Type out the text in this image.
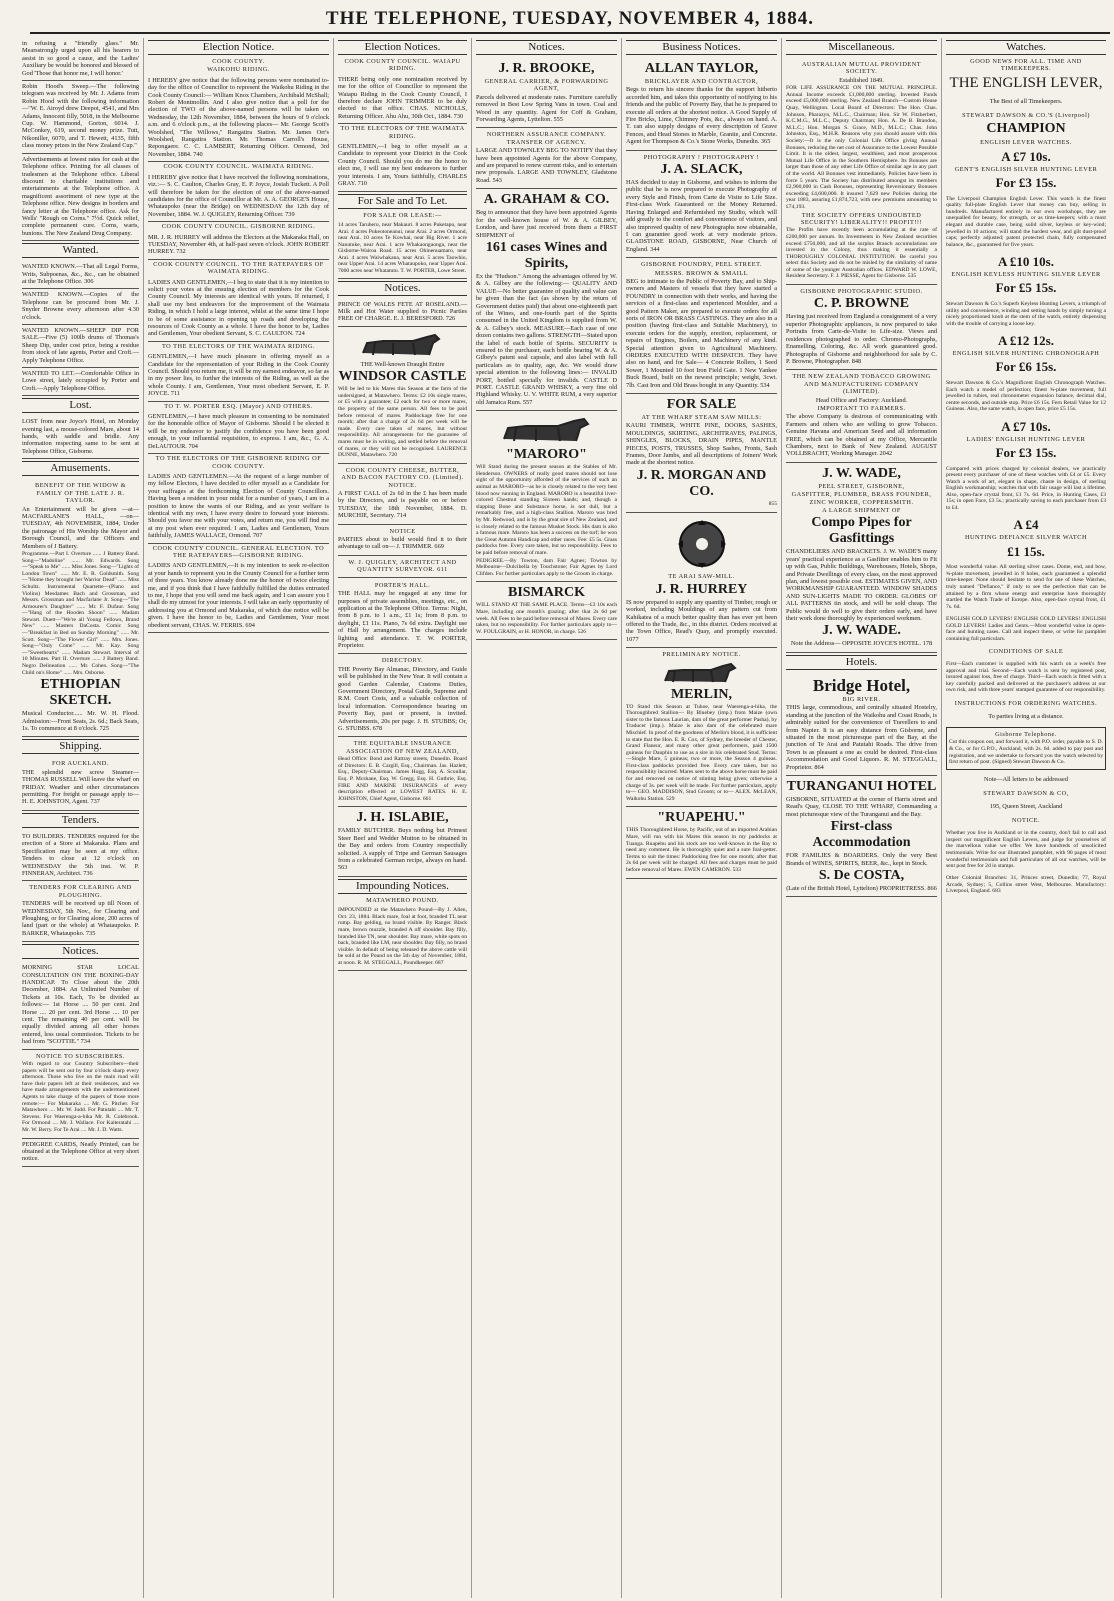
THE TELEPHONE, TUESDAY, NOVEMBER 4, 1884.
in refusing a "friendly glass." Mr. Mearsstrongly urged upon all his hearers to assist in so good a cause, and the Ladies' Auxiliary be would be honored and blessed of God 'Those that honor me, I will honor.'
Robin Hood's Sweep.—The following telegram was received by Mr. J. Adams from Robin Hood with the following information—"W. E. Airoyd drew Deepot, 4541, and Mrs Adams, Innocent filly, 5018, in the Melbourne Cup. W. Hammond, Gorton, 6014. J. McConkey, 619, second money prize. Tutt, Nikoniller, 6070, and T. Hewett, 4135, fifth class money prizes in the New Zealand Cup."
Advertisements at lowest rates for cash at the Telephone office. Printing for all classes of tradesmen at the Telephone office. Liberal discount to charitable institutions and entertainments at the Telephone office. A magnificent assortment of new type at the Telephone office. New designs in borders and fancy letter at the Telephone office. Ask for Wells' "Rough on Corns." 7½d. Quick relief, complete permanent cure. Corns, warts, bunions. The New Zealand Drug Company.
Wanted.
WANTED KNOWN.—That all Legal Forms, Writs, Subpoenas, &c., &c., can be obtained at the Telephone Office. 306
WANTED KNOWN.—Copies of the Telephone can be procured from Mr. J. Snyder Browne every afternoon after 4.30 o'clock.
WANTED KNOWN.—SHEEP DIP FOR SALE.—Five (5) 100lb drums of Thomas's Sheep Dip, under cost price, being a residue from stock of late agents, Porter and Croft.—Apply Telephone Office.
WANTED TO LET.—Comfortable Office in Lowe street, lately occupied by Porter and Croft.—Apply Telephone Office.
Lost.
LOST from near Joyce's Hotel, on Monday evening last, a mouse-colored Mare, about 14 hands, with saddle and bridle. Any information respecting same to be sent at Telephone Office, Gisborne.
Amusements.

BENEFIT OF THE WIDOW & FAMILY OF THE LATE J. R. TAYLOR.

An Entertainment will be given —at— MACFARLANE'S HALL, —on— TUESDAY, 4th NOVEMBER, 1884, Under the patronage of His Worship the Mayor and Borough Council, and the Officers and Members of J Battery.

Programme.—Part I. Overture ...... J Battery Band. Song—"Madoline" ...... Mr. Edwards. Song—"Speak to Me" ...... Miss Jones. Song—"Lights of London Town" ...... Mr. E. R. Goldsmith. Song—"Home they brought her Warrior Dead" ...... Miss Schultz. Instrumental Quartette—(Piano and Violins) Mesdames Bach and Grossman, and Messrs. Grossman and Macfarlane Jr. Song—"The Armourer's Daughter" ...... Mr. F. Dufaur. Song—"Hang of the Hooden Shoon" ...... Madam Stewart. Duett—"We're all Young Fellows, Brand New" ...... Masters DaCosta. Comic Song—"Breakfast in Bed on Sunday Morning" ...... Mr. Scott. Song—"The Flower Girl" ...... Mrs. Jones. Song—"Only Come" ...... Mr. Kay. Song—"Sweethearts" ...... Madam Stewart. Interval of 10 Minutes. Part II. Overture ...... J Battery Band. Negro Delineation ...... Mr. Cohen. Song—"The Child on's Home" ...... Mrs. Osborne.

ETHIOPIAN SKETCH.

Musical Conductor...... Mr. W. H. Flood. Admission:—Front Seats, 2s. 6d.; Back Seats, 1s. To commence at 8 o'clock. 725

Shipping.

FOR AUCKLAND.

THE splendid new screw Steamer— THOMAS RUSSELL Will leave the wharf on FRIDAY. Weather and other circumstances permitting. For freight or passage apply to— H. E. JOHNSTON, Agent. 737

Tenders.
TO BUILDERS. TENDERS required for the erection of a Store at Makaraka. Plans and Specification may be seen at my office. Tenders to close at 12 o'clock on WEDNESDAY the 5th inst. W. P. FINNERAN, Architect. 736

TENDERS FOR CLEARING AND PLOUGHING.

TENDERS will be received up till Noon of WEDNESDAY, 5th Nov., for Clearing and Ploughing, or for Clearing alone, 200 acres of land (part or the whole) at Whataupoko. P. BARKER, Whataupoko. 735

Notices.
MORNING STAR LOCAL CONSULTATION ON THE BOXING-DAY HANDICAP. To Close about the 20th December, 1884. An Unlimited Number of Tickets at 10s. Each, To be divided as follows:— 1st Horse .... 50 per cent. 2nd Horse .... 20 per cent. 3rd Horse .... 10 per cent. The remaining 40 per cent. will be equally divided among all other horses entered, less usual commission. Tickets to be had from "SCOTTIE." 734

NOTICE TO SUBSCRIBERS.

With regard to our Country Subscribers—their papers will be sent out by four o'clock sharp every afternoon. Those who live on the main road will have their papers left at their residences, and we have made arrangements with the undermentioned Agents to take charge of the papers of those more remote:— For Makaraka .... Mr. G. Pitcher. For Matawhero .... Mr. W. Judd. For Patutahi .... Mr. T. Stevens. For Waerenga-a-hika Mr. R. Colebrook. For Ormond .... Mr. J. Wallace. For Kaiteratahi .... Mr. W. Berry. For Te Arai .... Mr. J. D. Watts.

PEDIGREE CARDS, Neatly Printed, can be obtained at the Telephone Office at very short notice.
Election Notice.

COOK COUNTY.

WAIKOHU RIDING.

I HEREBY give notice that the following persons were nominated to-day for the office of Councillor to represent the Waikohu Riding in the Cook County Council:— William Knox Chambers, Archibald McShall; Robert de Montmollin. And I also give notice that a poll for the election of TWO of the above-named persons will be taken on Wednesday, the 12th November, 1884, between the hours of 9 o'clock a.m. and 6 o'clock p.m., at the following places— Mr. George Scott's Woolshed, "The Willows," Rangatira Station. Mr. James Orr's Woolshed, Rangatira Station. Mr. Thomas Carroll's House, Repongaere. C. C. LAMBERT, Returning Officer. Ormond, 3rd November, 1884. 740

COOK COUNTY COUNCIL. WAIMATA RIDING.

I HEREBY give notice that I have received the following nominations, viz.:— S. C. Caulton, Charles Gray, E. P. Joyce, Josiah Tuckett. A Poll will therefore be taken for the election of one of the above-named candidates for the office of Councillor at Mr. A. A. GEORGE'S House, Whataupoko (near the Bridge) on WEDNESDAY the 12th day of November, 1884. W. J. QUIGLEY, Returning Officer. 739

COOK COUNTY COUNCIL. GISBORNE RIDING.

MR. J. R. HURREY will address the Electors at the Makaraka Hall, on TUESDAY, November 4th, at half-past seven o'clock. JOHN ROBERT HURREY. 732

COOK COUNTY COUNCIL. TO THE RATEPAYERS OF WAIMATA RIDING.

LADIES AND GENTLEMEN,—I beg to state that it is my intention to solicit your votes at the ensuing election of members for the Cook County Council. My interests are identical with yours. If returned, I shall use my best endeavors for the improvement of the Waimata Riding, in which I hold a large interest, whilst at the same time I hope to be of some assistance in opening up roads and developing the resources of Cook County as a whole. I have the honor to be, Ladies and Gentlemen, Your obedient Servant, S. C. CAULTON. 724

TO THE ELECTORS OF THE WAIMATA RIDING.

GENTLEMEN,—I have much pleasure in offering myself as a Candidate for the representation of your Riding in the Cook County Council. Should you return me, it will be my earnest endeavor, so far as in my power lies, to further the interests of the Riding, as well as the whole County. I am, Gentlemen, Your most obedient Servant, E. P. JOYCE. 711

TO T. W. PORTER ESQ. (Mayor) AND OTHERS.

GENTLEMEN,—I have much pleasure in consenting to be nominated for the honorable office of Mayor of Gisborne. Should I be elected it will be my endeavor to justify the confidence you have been good enough, in your influential requisition, to express. I am, &c., G. A. DeLAUTOUR. 704

TO THE ELECTORS OF THE GISBORNE RIDING OF COOK COUNTY.

LADIES AND GENTLEMEN.—At the request of a large number of my fellow Electors, I have decided to offer myself as a Candidate for your suffrages at the forthcoming Election of County Councillors. Having been a resident in your midst for a number of years, I am in a position to know the wants of our Riding, and as your welfare is identical with my own, I have every desire to forward your interests. Should you favor me with your votes, and return me, you will find me at my post when ever required. I am, Ladies and Gentlemen, Yours faithfully, JAMES WALLACE, Ormond. 707

COOK COUNTY COUNCIL. GENERAL ELECTION. TO THE RATEPAYERS—GISBORNE RIDING.

LADIES AND GENTLEMEN,—It is my intention to seek re-election at your hands to represent you in the County Council for a further term of three years. You know already done me the honor of twice electing me, and if you think that I have faithfully fulfilled the duties entrusted to me, I hope that you will send me back again, and I can assure you I shall do my utmost for your interests. I will take an early opportunity of addressing you at Ormond and Makaraka, of which due notice will be given. I have the honor to be, Ladies and Gentlemen, Your most obedient servant, CHAS. W. FERRIS. 694
Election Notices.

COOK COUNTY COUNCIL. WAIAPU RIDING.

THERE being only one nomination received by me for the office of Councillor to represent the Waiapu Riding in the Cook County Council, I therefore declare JOHN TRIMMER to be duly elected to that office. CHAS. NICHOLLS, Returning Officer. Ahu Ahu, 30th Oct., 1884. 730

TO THE ELECTORS OF THE WAIMATA RIDING.

GENTLEMEN,—I beg to offer myself as a Candidate to represent your District in the Cook County Council. Should you do me the honor to elect me, I will use my best endeavors to further your interests. I am, Yours faithfully, CHARLES GRAY. 710
For Sale and To Let.

FOR SALE OR LEASE:—

14 acres Taruheru, near Makauri. 8 acres Puketapu, near Arai. 4 acres Pukeotoneanui, near Arai. 2 acres Ormond, near Arai. 10 acres Te Kowhai, near Big River. 1 acre Nanutuke, near Arai. 1 acre Whakaongaonga, near the Gisborne-Wairoa Road. 15 acres Ohinenuamaro, near Arai. 4 acres Waiwhakana, near Arai. 5 acres Taowhio, near Upper Arai. 14 acres Whataupoko, near Upper Arai. 7000 acres near Whatatutu. T. W. PORTER, Lowe Street.
Notices.
PRINCE OF WALES FETE AT ROSELAND.—Milk and Hot Water supplied to Picnic Parties FREE OF CHARGE. E. J. BERESFORD. 726

THE Well-known Draught Entire

WINDSOR CASTLE

Will be led to his Mares this Season at the farm of the undersigned, at Matawhero. Terms: £2 10s single mares, or £5 with a guarantee; £2 each for two or more mares, the property of the same person. All fees to be paid before removal of mares. Paddockage free for one month; after that a charge of 2s 6d per week will be made. Every care taken of mares, but without responsibility. All arrangements for the guarantee of mares must be in writing, and settled before the removal of mares, or they will not be recognised. LAURENCE DUNNE, Matawhero. 720

COOK COUNTY CHEESE, BUTTER, AND BACON FACTORY CO. (Limited). NOTICE.

A FIRST CALL of 2s 6d in the £ has been made by the Directors, and is payable on or before TUESDAY, the 18th November, 1884. D. MURCHIE, Secretary. 714

NOTICE

PARTIES about to build would find it to their advantage to call on— J. TRIMMER. 669

W. J. QUIGLEY, ARCHITECT AND QUANTITY SURVEYOR. 611

PORTER'S HALL.

THE HALL may be engaged at any time for purposes of private assemblies, meetings, etc., on application at the Telephone Office. Terms: Night, from 8 p.m. to 1 a.m., £1 1s; from 8 p.m. to daylight, £1 11s. Piano, 7s 6d extra. Daylight use of Hall by arrangement. The charges include lighting and attendance. T. W. PORTER, Proprietor.

DIRECTORY.

THE Poverty Bay Almanac, Directory, and Guide will be published in the New Year. It will contain a good Garden Calendar, Customs Duties, Government Directory, Postal Guide, Supreme and R.M. Court Costs, and a valuable collection of local information. Correspondence bearing on Poverty Bay, past or present, is invited. Advertisements, 20s per page. J. H. STUBBS; Or, G. STUBBS. 678

THE EQUITABLE INSURANCE ASSOCIATION OF NEW ZEALAND,

Head Office: Bond and Rattray streets, Dunedin. Board of Directors: E. B. Cargill, Esq., Chairman. Jas. Hazlett, Esq., Deputy-Chairman. James Hogg, Esq. A. Scoullar, Esq. P. Mcshane, Esq. W. Gregg, Esq. H. Guthrie, Esq. FIRE AND MARINE INSURANCES of every description effected at LOWEST RATES. H. E. JOHNSTON, Chief Agent, Gisborne. 661

J. H. ISLABIE,

FAMILY BUTCHER. Buys nothing but Primest Steer Beef and Wedder Mutton to be obtained in the Bay and orders from Country respectfully solicited. A supply of Tripe and German Sausages from a celebrated German recipe, always on hand. 563

Impounding Notices.

MATAWHERO POUND.

IMPOUNDED at the Matawhero Pound—By J. Allen, Oct. 23, 1884. Black mare, foal at foot, branded TL near rump. Bay gelding, no brand visible. By Ranger. Black mare, brown muzzle, branded A off shoulder. Bay filly, branded like TN, near shoulder. Bay mare, white spots on back, branded like LM, near shoulder. Bay filly, no brand visible. In default of being released the above cattle will be sold at the Pound on the 5th day of November, 1884, at noon. R. M. STEGGALL, Poundkeeper. 687
Notices.

J. R. BROOKE,

GENERAL CARRIER, & FORWARDING AGENT,

Parcels delivered at moderate rates. Furniture carefully removed in Best Low Spring Vans in town. Coal and Wood in any quantity. Agent for Coff & Graham, Forwarding Agents, Lyttelton. 555

NORTHERN ASSURANCE COMPANY. TRANSFER OF AGENCY.

LARGE AND TOWNLEY BEG TO NOTIFY that they have been appointed Agents for the above Company, and are prepared to renew current risks, and to entertain new proposals. LARGE AND TOWNLEY, Gladstone Road. 543

A. GRAHAM & CO.

Beg to announce that they have been appointed Agents for the well-known house of W. & A. GILBEY, London, and have just received from them a FIRST SHIPMENT of

161 cases Wines and Spirits,

Ex the "Hudson." Among the advantages offered by W. & A. Gilbey are the following:— QUALITY AND VALUE—No better guarantee of quality and value can be given than the fact (as shown by the return of Government duties paid) that about one-eighteenth part of the Wines, and one-fourth part of the Spirits consumed in the United Kingdom is supplied from W. & A. Gilbey's stock. MEASURE—Each case of one dozen contains two gallons. STRENGTH—Stated upon the label of each bottle of Spirits. SECURITY is ensured to the purchaser, each bottle bearing W. & A. Gilbey's patent seal capsule, and also label with full particulars as to quality, age, &c. We would draw special attention to the following lines:— INVALID PORT, bottled specially for invalids. CASTLE D PORT. CASTLE GRAND WHISKY, a very fine old Highland Whisky. U. V. WHITE RUM, a very superior old Jamaica Rum. 557

"MARORO"

Will Stand during the present season at the Stables of Mr. Henderson. OWNERS of really good mares should not lose sight of the opportunity afforded of the services of such an animal as MARORO—as he is closely related to the very best blood now running in England. MARORO is a beautiful liver-colored Chestnut standing Sixteen hands; and, though a slapping Bone and Substance horse, is not dull, but a remarkably free, and a high-class Stallion. Maroro was bred by Mr. Redwood, and is by the great sire of New Zealand, and is closely related to the famous Musket Stock. His dam is also a famous mare. Maroro has been a success on the turf; he won the Great Autumn Handicap and other races. Fee: £5 5s. Grass paddocks free. Every care taken, but no responsibility. Fees to be paid before removal of mare.

PEDIGREE.—By Towton, dam Fair Agnes; Towton by Melbourne—Dulcibella by Touchstone; Fair Agnes by Lord Clifden. For further particulars apply to the Groom in charge.

BISMARCK

WILL STAND AT THE SAME PLACE. Terms—£3 10s each Mare, including one month's grazing; after that 2s 6d per week. All Fees to be paid before removal of Mares. Every care taken, but no responsibility. For further particulars apply to— W. FOULGRAIN, or H. HONOR, in charge. 526

Business Notices.

ALLAN TAYLOR,

BRICKLAYER AND CONTRACTOR,

Begs to return his sincere thanks for the support hitherto accorded him, and takes this opportunity of notifying to his friends and the public of Poverty Bay, that he is prepared to execute all orders at the shortest notice. A Good Supply of Fire Bricks, Lime, Chimney Pots, &c., always on hand. A. T. can also supply designs of every description of Grave Fences, and Head Stones in Marble, Granite, and Concrete. Agent for Thompson & Co.'s Stone Works, Dunedin. 365

PHOTOGRAPHY ! PHOTOGRAPHY !

J. A. SLACK,

HAS decided to stay in Gisborne, and wishes to inform the public that he is now prepared to execute Photography of every Style and Finish, from Carte de Visite to Life Size. First-class Work Guaranteed or the Money Returned. Having Enlarged and Refurnished my Studio, which will add greatly to the comfort and convenience of visitors, and also improved quality of new Photographs now obtainable, I can guarantee good work at very moderate prices. GLADSTONE ROAD, GISBORNE, Near Church of England. 344

GISBORNE FOUNDRY, PEEL STREET.

MESSRS. BROWN & SMAILL

BEG to intimate to the Public of Poverty Bay, and to Ship-owners and Masters of vessels that they have started a FOUNDRY in connection with their works, and having the services of a first-class and experienced Moulder, and a good Pattern Maker, are prepared to execute orders for all sorts of IRON OR BRASS CASTINGS. They are also in a position (having first-class and Suitable Machinery), to execute orders for the supply, erection, replacement, or repairs of Engines, Boilers, and Machinery of any kind. Special attention given to Agricultural Machinery. ORDERS EXECUTED WITH DESPATCH. They have also on hand, and for Sale— 4 Concrete Rollers, 1 Seed Sower, 1 Mounted 10 foot Iron Field Gate. 1 New Yankee Buck Board, built on the newest principle; weight, 3cwt. 7lb. Cast Iron and Old Brass bought in any Quantity. 534

FOR SALE

AT THE WHARF STEAM SAW MILLS:

KAURI TIMBER, WHITE PINE, DOORS, SASHES, MOULDINGS, SKIRTING, ARCHITRAVES, PALINGS, SHINGLES, BLOCKS, DRAIN PIPES, MANTLE PIECES, POSTS, TRUSSES, Shop Sashes, Fronts, Sash Frames, Door Jambs, and all descriptions of Joiners' Work made at the shortest notice.

J. R. MORGAN AND CO.

855

TE ARAI SAW-MILL.

J. R. HURREY

IS now prepared to supply any quantity of Timber, rough or worked, including Mouldings of any pattern cut from Kahikatea of a much better quality than has ever yet been offered to the Trade, &c., in this district. Orders received at the Town Office, Read's Quay, and promptly executed. 1077

PRELIMINARY NOTICE.

MERLIN,

TO Stand this Season at Tuhoe, near Waerenga-a-hika, the Thoroughbred Stallion— By Bluebey (imp.) from Maize (own sister to the famous Laurian, dam of the great performer Pasha), by Traducer (imp.). Maize is also dam of the celebrated mare Mischief. In proof of the goodness of Merlin's blood, it is sufficient to state that the Hon. E. R. Cox, of Sydney, the breeder of Chester, Grand Flaneur, and many other great performers, paid 1500 guineas for Dauphin to use as a sire in his celebrated Stud. Terms:—Single Mare, 5 guineas; two or more, the Season 4 guineas. First-class paddocks provided free. Every care taken, but no responsibility incurred. Mares sent to the above horse must be paid for and removed on notice of stinting being given; otherwise a charge of 3s. per week will be made. For further particulars, apply to— GEO. MADDISON, Stud Groom; or to— ALEX. McLEAN, Waikohu Station. 529

"RUAPEHU."

THIS Thoroughbred Horse, by Pacific, out of an imported Arabian Mare, will run with his Mares this season in my paddocks at Tuanga. Ruapehu and his stock are too well-known in the Bay to need any comment. He is thoroughly quiet and a sure foal-getter. Terms to suit the times: Paddocking free for one month; after that 2s 6d per week will be charged. All fees and charges must be paid before removal of Mares. EWEN CAMERON. 533

Miscellaneous.

AUSTRALIAN MUTUAL PROVIDENT SOCIETY.

Established 1849.

FOR LIFE ASSURANCE ON THE MUTUAL PRINCIPLE. Annual Income exceeds £1,000,000 sterling. Invested Funds exceed £5,000,000 sterling. New Zealand Branch—Custom House Quay, Wellington. Local Board of Directors: The Hon. Chas. Johnson, Pharazyn, M.L.C., Chairman; Hon. Sir W. Fitzherbert, K.C.M.G., M.L.C., Deputy Chairman; Hon. A. De B. Brandon, M.L.C.; Hon. Morgan S. Grace, M.D., M.L.C.; Chas. John Johnston, Esq., M.H.R. Reasons why you should assure with this Society:—It is the only Colonial Life Office giving Annual Bonuses, reducing the net cost of Assurance to the Lowest Possible Limit. It is the oldest, largest, wealthiest, and most prosperous Mutual Life Office in the Southern Hemisphere. Its Bonuses are larger than those of any other Life Office of similar age in any part of the world. All Bonuses vest immediately. Policies have been in force 5 years. The Society has distributed amongst its members £2,900,000 in Cash Bonuses, representing Reversionary Bonuses exceeding £4,600,000. It insured 7,629 new Policies during the year 1883, assuring £1,874,723, with new premiums amounting to £74,193.

THE SOCIETY OFFERS UNDOUBTED SECURITY! LIBERALITY!! PROFIT!!!

The Profits have recently been accumulating at the rate of £200,000 per annum. Its Investments in New Zealand securities exceed £750,000, and all the surplus Branch accumulations are invested in the Colony, thus making it essentially a THOROUGHLY COLONIAL INSTITUTION. Be careful you select this Society and do not be misled by the similarity of name of some of the younger Australian offices. EDWARD W. LOWE, Resident Secretary. F. J. PIESSE, Agent for Gisborne. 535

GISBORNE PHOTOGRAPHIC STUDIO.

C. P. BROWNE

Having just received from England a consignment of a very superior Photographic appliances, is now prepared to take Portraits from Carte-de-Visite to Life-size. Views and residences photographed to order. Chromo-Photographs, Enamelling, Coloring, &c. All work guaranteed good. Photographs of Gisborne and neighborhood for sale by C. P. Browne, Photographer. 848

THE NEW ZEALAND TOBACCO GROWING AND MANUFACTURING COMPANY (LIMITED).

Head Office and Factory: Auckland.

IMPORTANT TO FARMERS.

The above Company is desirous of communicating with Farmers and others who are willing to grow Tobacco. Genuine Havana and American Seed and all information FREE, which can be obtained at my Office, Mercantile Chambers, next to Bank of New Zealand. AUGUST VOLLBRACHT, Working Manager. 2042

J. W. WADE,

PEEL STREET, GISBORNE,

GASFITTER, PLUMBER, BRASS FOUNDER, ZINC WORKER, COPPERSMITH.

A LARGE SHIPMENT OF

Compo Pipes for Gasfittings

CHANDELIERS AND BRACKETS. J. W. WADE'S many years' practical experience as a Gasfitter enables him to Fit up with Gas, Public Buildings, Warehouses, Hotels, Shops, and Private Dwellings of every class, on the most approved plan, and lowest possible cost. ESTIMATES GIVEN, AND WORKMANSHIP GUARANTEED. WINDOW SHADES AND SUN-LIGHTS MADE TO ORDER. GLOBES OF ALL PATTERNS tin stock, and will be sold cheap. The Public would do well to give their orders early, and have their work done thoroughly by experienced workmen.

J. W. WADE.

Note the Address— OPPOSITE JOYCE'S HOTEL. 178

Hotels.

Bridge Hotel,

BIG RIVER.

THIS large, commodious, and centrally situated Hostelry, standing at the junction of the Waikohu and Coast Roads, is admirably suited for the convenience of Travellers to and from Napier. It is an easy distance from Gisborne, and situated in the most picturesque part of the Bay, at the junction of Te Arai and Patutahi Roads. The drive from Town is as pleasant a one as could be desired. First-class Accommodation and Good Liquors. R. M. STEGGALL, Proprietor. 864

TURANGANUI HOTEL

GISBORNE, SITUATED at the corner of Harris street and Read's Quay, CLOSE TO THE WHARF, Commanding a most picturesque view of the Turanganui and the Bay.

First-class Accommodation

FOR FAMILIES & BOARDERS. Only the very Best Brands of WINES, SPIRITS, BEER, &c., kept in Stock.

S. De COSTA,

(Late of the British Hotel, Lyttelton) PROPRIETRESS. 866

Watches.

GOOD NEWS FOR ALL. TIME AND TIMEKEEPERS.

THE ENGLISH LEVER,

The Best of all Timekeepers.

STEWART DAWSON & CO.'S (Liverpool)

CHAMPION

ENGLISH LEVER WATCHES.

A £7 10s.

GENT'S ENGLISH SILVER HUNTING LEVER

For £3 15s.

The Liverpool Champion English Lever. This watch is the finest quality full-plate English Lever that money can buy, selling in hundreds. Manufactured entirely in our own workshops, they are unequalled for beauty, for strength, or as time-keepers; with a most elegant and durable case, being solid silver, keyless or key-wind; jewelled in 10 actions; will stand the hardest wear, and gilt dust-proof caps; perfectly adjusted; patent protected chain, fully compensated balance, &c., guaranteed for five years.

A £10 10s.

ENGLISH KEYLESS HUNTING SILVER LEVER

For £5 15s.

Stewart Dawson & Co.'s Superb Keyless Hunting Levers, a triumph of utility and convenience, winding and setting hands by simply turning a nicely proportioned knob at the stem of the watch, entirely dispensing with the trouble of carrying a loose key.

A £12 12s.

ENGLISH SILVER HUNTING CHRONOGRAPH

For £6 15s.

Stewart Dawson & Co.'s Magnificent English Chronograph Watches. Each watch a model of perfection; finest ¾-plate movement, full jewelled in rubies, real chronometer expansion balance, decimal dial, centre seconds, and outside stop. Price £6 15s. Fern Retail Value for 12 Guineas. Also, the same watch, in open face, price £5 15s.

A £7 10s.

LADIES' ENGLISH HUNTING LEVER

For £3 15s.

Compared with prices charged by colonial dealers, we practically present every purchaser of one of these watches with £4 or £5. Every Watch a work of art, elegant in shape, chaste in design, of sterling English workmanship; watches that with fair usage will last a lifetime. Also, open-face crystal front, £1 7s. 6d. Price, in Hunting Cases, £3 15s; in open Face, £3 5s.; practically saving to each purchaser from £3 to £4.

A £4

HUNTING DEFIANCE SILVER WATCH

£1 15s.

Most wonderful value. All sterling silver cases. Dome, end, and bow, ¾-plate movement, jewelled in 8 holes, each guaranteed a splendid time-keeper. None should hesitate to send for one of these Watches, truly named "Defiance," if only to see the perfection that can be attained by a firm whose energy and enterprise have thoroughly startled the Watch Trade of Europe. Also, open-face crystal front, £1 7s. 6d.

ENGLISH GOLD LEVERS! ENGLISH GOLD LEVERS! ENGLISH GOLD LEVERS! Ladies and Gents.—Most wonderful value in open-face and hunting cases. Call and inspect these, or write for pamphlet containing full particulars.

CONDITIONS OF SALE

First—Each customer is supplied with his watch on a week's free approval and trial. Second—Each watch is sent by registered post, insured against loss, free of charge. Third—Each watch is fitted with a key carefully packed and delivered at the purchaser's address at our own risk, and with three years' stamped guarantee of our responsibility.

INSTRUCTIONS FOR ORDERING WATCHES.

To parties living at a distance.

Gisborne Telephone.

Cut this coupon out, and forward it, with P.O. order, payable to S. D. & Co., or for G.P.O., Auckland, with 2s. 6d. added to pay post and registration, and we undertake to forward you the watch selected by first return of post. (Signed) Stewart Dawson & Co.

Note—All letters to be addressed

STEWART DAWSON & CO,

195, Queen Street, Auckland

NOTICE.

Whether you live in Auckland or in the country, don't fail to call and inspect our magnificent English Levers, and judge for yourselves of the marvellous value we offer. We have hundreds of unsolicited testimonials. Write for our illustrated pamphlet, with 90 pages of most wonderful testimonials and full particulars of all our watches, will be sent post free for 2d in stamps.

Other Colonial Branches: 31, Princes street, Dunedin; 77, Royal Arcade, Sydney; 5, Collins street West, Melbourne. Manufactory: Liverpool, England. 683
